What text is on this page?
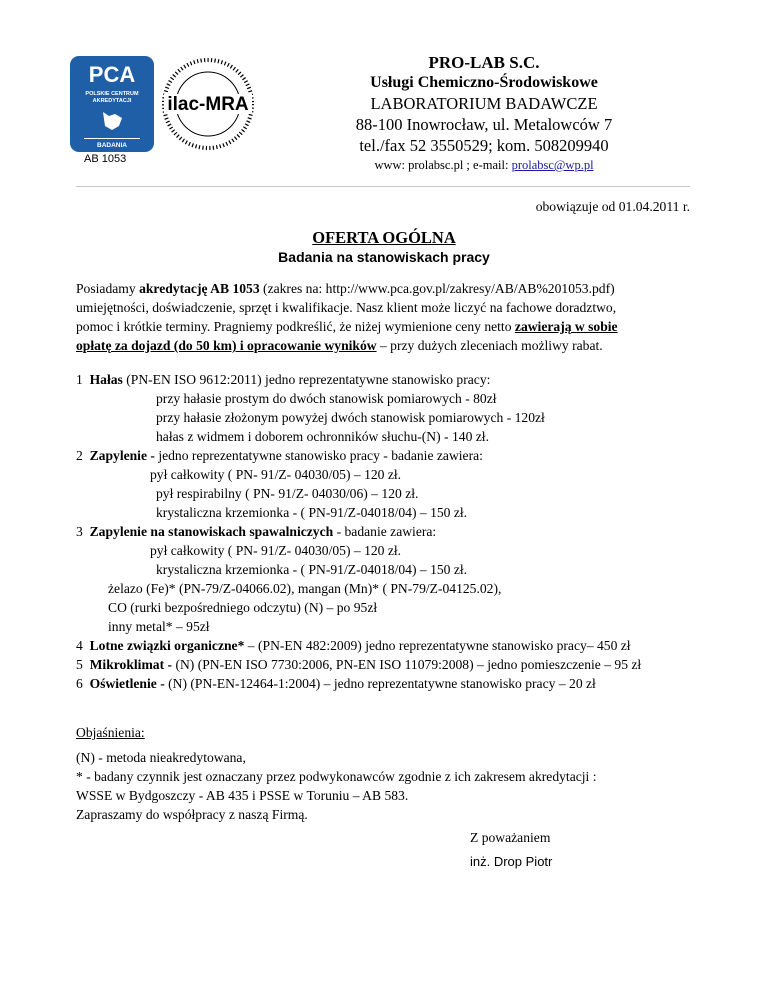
PCA
POLSKIE CENTRUM
AKREDYTACJI
BADANIA
AB 1053
ilac-MRA
PRO-LAB S.C.
Usługi Chemiczno-Środowiskowe
LABORATORIUM BADAWCZE
88-100 Inowrocław, ul. Metalowców 7
tel./fax 52 3550529; kom. 508209940
www: prolabsc.pl ; e-mail: prolabsc@wp.pl
obowiązuje od 01.04.2011 r.
OFERTA OGÓLNA
Badania na stanowiskach pracy
Posiadamy akredytację AB 1053 (zakres na: http://www.pca.gov.pl/zakresy/AB/AB%201053.pdf)
umiejętności, doświadczenie, sprzęt i kwalifikacje. Nasz klient może liczyć na fachowe doradztwo,
pomoc i krótkie terminy. Pragniemy podkreślić, że niżej wymienione ceny netto zawierają w sobie
opłatę za dojazd (do 50 km) i opracowanie wyników – przy dużych zleceniach możliwy rabat.
1 Hałas (PN-EN ISO 9612:2011) jedno reprezentatywne stanowisko pracy:
przy hałasie prostym do dwóch stanowisk pomiarowych - 80zł
przy hałasie złożonym powyżej dwóch stanowisk pomiarowych - 120zł
hałas z widmem i doborem ochronników słuchu-(N) - 140 zł.
2 Zapylenie - jedno reprezentatywne stanowisko pracy - badanie zawiera:
pył całkowity ( PN- 91/Z- 04030/05) – 120 zł.
pył respirabilny ( PN- 91/Z- 04030/06) – 120 zł.
krystaliczna krzemionka - ( PN-91/Z-04018/04) – 150 zł.
3 Zapylenie na stanowiskach spawalniczych - badanie zawiera:
pył całkowity ( PN- 91/Z- 04030/05) – 120 zł.
krystaliczna krzemionka - ( PN-91/Z-04018/04) – 150 zł.
żelazo (Fe)* (PN-79/Z-04066.02), mangan (Mn)* ( PN-79/Z-04125.02),
CO (rurki bezpośredniego odczytu) (N) – po 95zł
inny metal* – 95zł
4 Lotne związki organiczne* – (PN-EN 482:2009) jedno reprezentatywne stanowisko pracy– 450 zł
5 Mikroklimat - (N) (PN-EN ISO 7730:2006, PN-EN ISO 11079:2008) – jedno pomieszczenie – 95 zł
6 Oświetlenie - (N) (PN-EN-12464-1:2004) – jedno reprezentatywne stanowisko pracy – 20 zł
Objaśnienia:
(N) - metoda nieakredytowana,
* - badany czynnik jest oznaczany przez podwykonawców zgodnie z ich zakresem akredytacji :
WSSE w Bydgoszczy - AB 435 i PSSE w Toruniu – AB 583.
Zapraszamy do współpracy z naszą Firmą.
Z poważaniem
inż. Drop Piotr
